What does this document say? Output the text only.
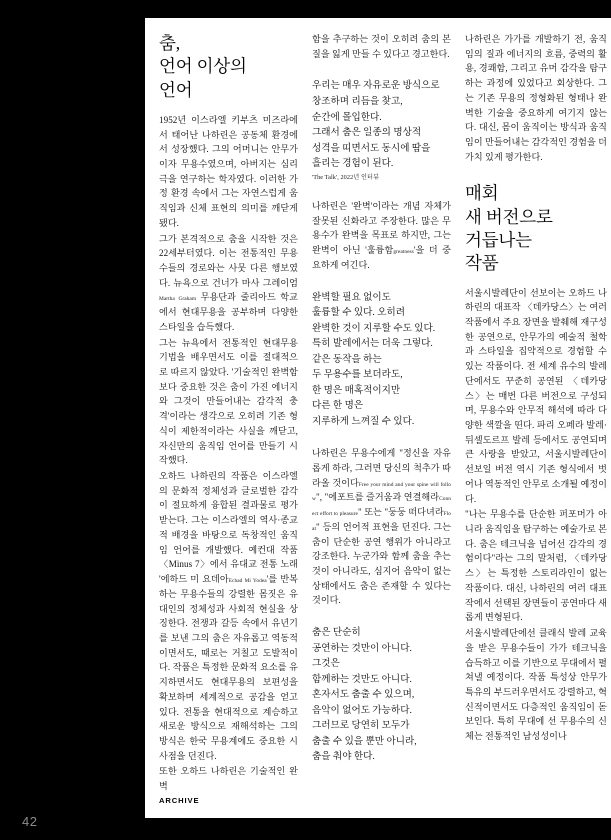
42
춤,
언어 이상의
언어

1952년 이스라엘 키부츠 미즈라에서 태어난 나하린은 공동체 환경에서 성장했다. 그의 어머니는 안무가이자 무용수였으며, 아버지는 심리극을 연구하는 학자였다. 이러한 가정 환경 속에서 그는 자연스럽게 움직임과 신체 표현의 의미를 깨닫게 됐다.

그가 본격적으로 춤을 시작한 것은 22세부터였다. 이는 전통적인 무용수들의 경로와는 사뭇 다른 행보였다. 뉴욕으로 건너가 마사 그레이엄Martha Graham 무용단과 줄리아드 학교에서 현대무용을 공부하며 다양한 스타일을 습득했다.

그는 뉴욕에서 전통적인 현대무용 기법을 배우면서도 이를 절대적으로 따르지 않았다. '기술적인 완벽함보다 중요한 것은 춤이 가진 에너지와 그것이 만들어내는 감각적 충격'이라는 생각으로 오히려 기존 형식이 제한적이라는 사실을 깨닫고, 자신만의 움직임 언어를 만들기 시작했다.

오하드 나하린의 작품은 이스라엘의 문화적 정체성과 글로벌한 감각이 절묘하게 융합된 결과물로 평가받는다. 그는 이스라엘의 역사·종교적 배경을 바탕으로 독창적인 움직임 언어를 개발했다. 예컨대 작품 〈Minus 7〉에서 유대교 전통 노래 '에하드 미 요데아Echad Mi Yodea'를 반복하는 무용수들의 강렬한 몸짓은 유대인의 정체성과 사회적 현실을 상징한다. 전쟁과 갈등 속에서 유년기를 보낸 그의 춤은 자유롭고 역동적이면서도, 때로는 거칠고 도발적이다. 작품은 특정한 문화적 요소를 유지하면서도 현대무용의 보편성을 확보하며 세계적으로 공감을 얻고 있다. 전통을 현대적으로 계승하고 새로운 방식으로 재해석하는 그의 방식은 한국 무용계에도 중요한 시사점을 던진다.

또한 오하드 나하린은 기술적인 완벽

ARCHIVE

함을 추구하는 것이 오히려 춤의 본질을 잃게 만들 수 있다고 경고한다.

우리는 매우 자유로운 방식으로
창조하며 리듬을 찾고,
순간에 몰입한다.
그래서 춤은 일종의 명상적
성격을 띠면서도 동시에 땀을
흘리는 경험이 된다.
'The Talk', 2022년 인터뷰

나하린은 '완벽'이라는 개념 자체가 잘못된 신화라고 주장한다. 많은 무용수가 완벽을 목표로 하지만, 그는 완벽이 아닌 '훌륭함greatness'을 더 중요하게 여긴다.

완벽할 필요 없이도
훌륭할 수 있다. 오히려
완벽한 것이 지루할 수도 있다.
특히 발레에서는 더욱 그렇다.
같은 동작을 하는
두 무용수를 보더라도,
한 명은 매혹적이지만
다른 한 명은
지루하게 느껴질 수 있다.

나하린은 무용수에게 "정신을 자유롭게 하라, 그러면 당신의 척추가 따라올 것이다Free your mind and your spine will follow", "에포트를 즐거움과 연결해라Connect effort to pleasure" 또는 "둥둥 떠다녀라Float" 등의 언어적 표현을 던진다. 그는 춤이 단순한 공연 행위가 아니라고 강조한다. 누군가와 함께 춤을 추는 것이 아니라도, 심지어 음악이 없는 상태에서도 춤은 존재할 수 있다는 것이다.

춤은 단순히
공연하는 것만이 아니다.
그것은
함께하는 것만도 아니다.
혼자서도 춤출 수 있으며,
음악이 없어도 가능하다.
그러므로 당연히 모두가
춤출 수 있을 뿐만 아니라,
춤을 춰야 한다.

나하린은 가가를 개발하기 전, 움직임의 질과 에너지의 흐름, 중력의 활용, 경쾌함, 그리고 유머 감각을 탐구하는 과정에 있었다고 회상한다. 그는 기존 무용의 정형화된 형태나 완벽한 기술을 중요하게 여기지 않는다. 대신, 몸이 움직이는 방식과 움직임이 만들어내는 감각적인 경험을 더 가치 있게 평가한다.

매회
새 버전으로
거듭나는
작품

서울시발레단이 선보이는 오하드 나하린의 대표작 〈데카당스〉는 여러 작품에서 주요 장면을 발췌해 재구성한 공연으로, 안무가의 예술적 철학과 스타일을 집약적으로 경험할 수 있는 작품이다. 전 세계 유수의 발레단에서도 꾸준히 공연된 〈데카당스〉는 매번 다른 버전으로 구성되며, 무용수와 안무적 해석에 따라 다양한 색깔을 띤다. 파리 오페라 발레·뒤셀도르프 발레 등에서도 공연되며 큰 사랑을 받았고, 서울시발레단이 선보일 버전 역시 기존 형식에서 벗어나 역동적인 안무로 소개될 예정이다.

"나는 무용수를 단순한 퍼포머가 아니라 움직임을 탐구하는 예술가로 본다. 춤은 테크닉을 넘어선 감각의 경험이다"라는 그의 말처럼, 〈데카당스〉는 특정한 스토리라인이 없는 작품이다. 대신, 나하린의 여러 대표작에서 선택된 장면들이 공연마다 새롭게 변형된다.

서울시발레단에선 클래식 발레 교육을 받은 무용수들이 가가 테크닉을 습득하고 이를 기반으로 무대에서 펼쳐낼 예정이다. 작품 특성상 안무가 특유의 부드러우면서도 강렬하고, 혁신적이면서도 다층적인 움직임이 돋보인다. 특히 무대에 선 무용수의 신체는 전통적인 남성성이나
